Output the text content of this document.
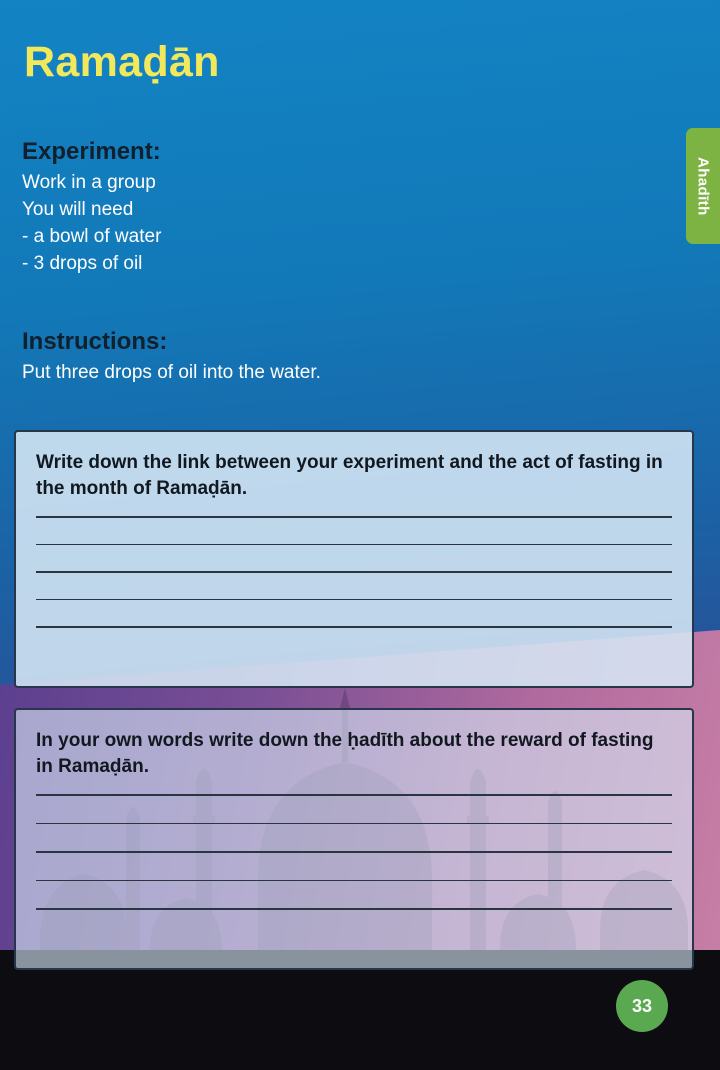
Ramaḍān
Ahadīth
Experiment:
Work in a group
You will need
- a bowl of water
- 3 drops of oil
Instructions:
Put three drops of oil into the water.
Write down the link between your experiment and the act of fasting in the month of Ramaḍān.
In your own words write down the ḥadīth about the reward of fasting in Ramaḍān.
33
